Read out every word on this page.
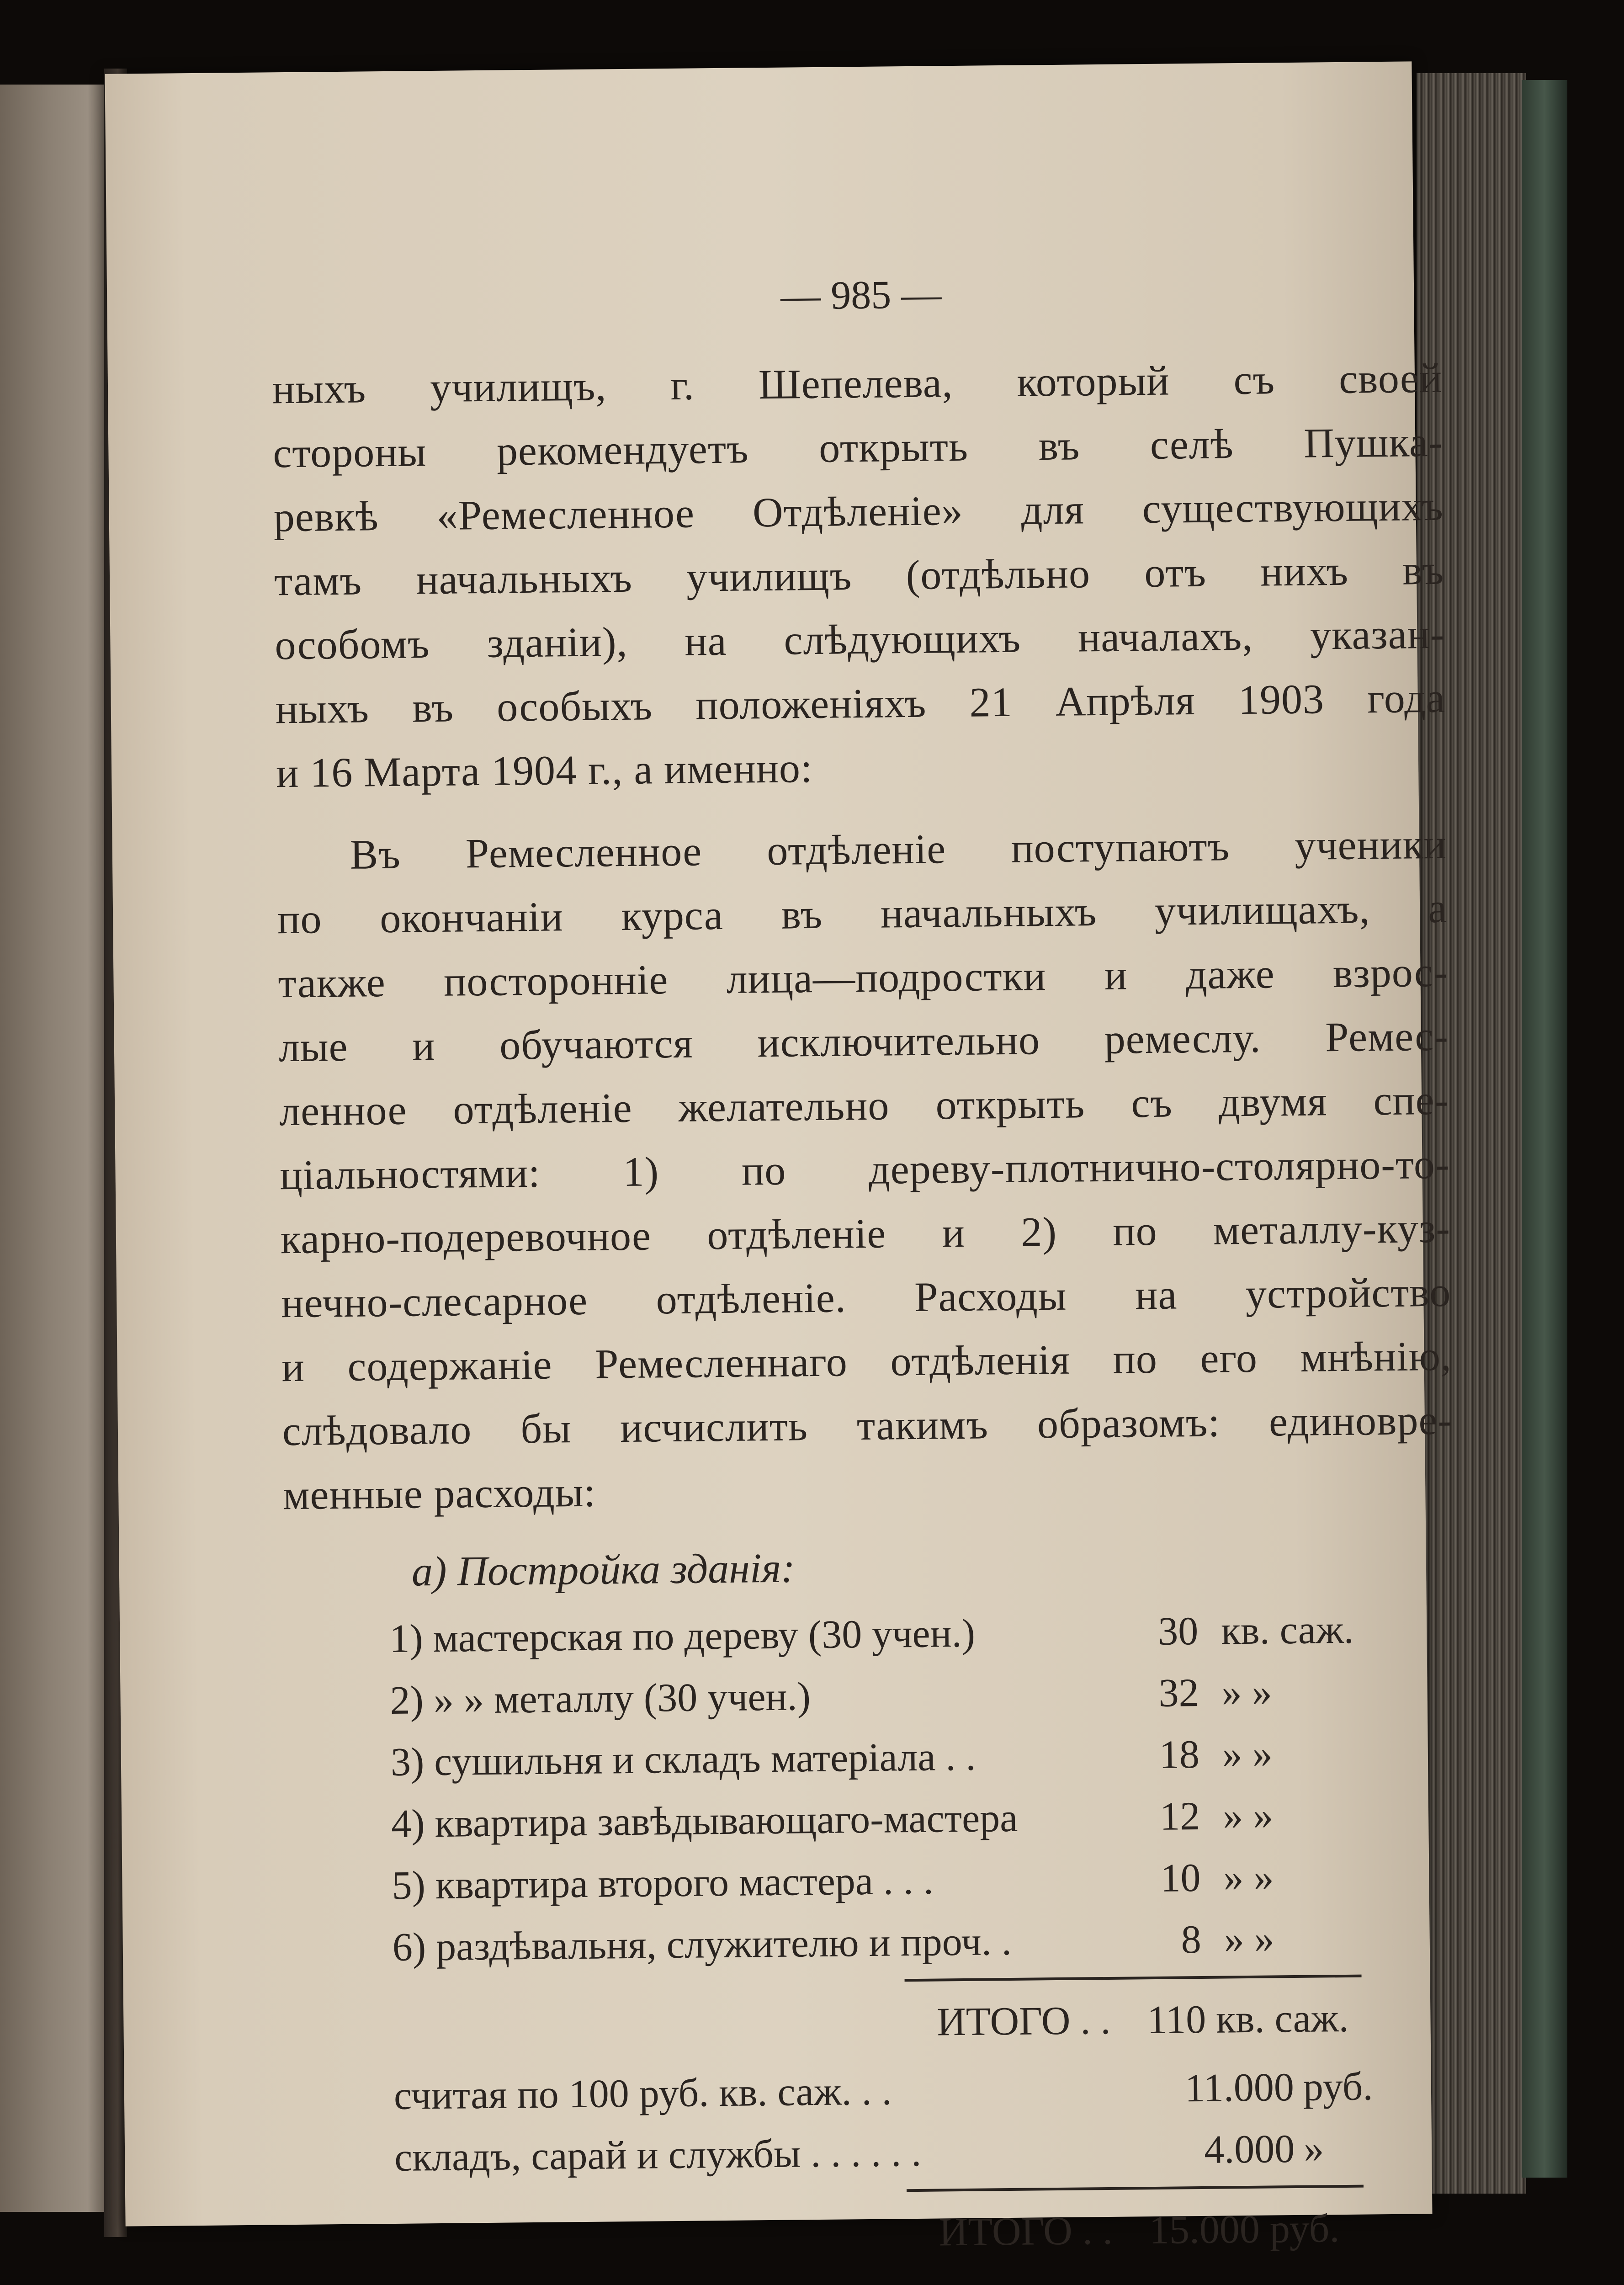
— 985 —
ныхъ училищъ, г. Шепелева, который съ своей
стороны рекомендуетъ открыть въ селѣ Пушка-
ревкѣ «Ремесленное Отдѣленіе» для существующихъ
тамъ начальныхъ училищъ (отдѣльно отъ нихъ въ
особомъ зданіи), на слѣдующихъ началахъ, указан-
ныхъ въ особыхъ положеніяхъ 21 Апрѣля 1903 года
и 16 Марта 1904 г., а именно:
Въ Ремесленное отдѣленіе поступаютъ ученики
по окончаніи курса въ начальныхъ училищахъ, а
также посторонніе лица—подростки и даже взрос-
лые и обучаются исключительно ремеслу. Ремес-
ленное отдѣленіе желательно открыть съ двумя спе-
ціальностями: 1) по дереву-плотнично-столярно-то-
карно-подеревочное отдѣленіе и 2) по металлу-куз-
нечно-слесарное отдѣленіе. Расходы на устройство
и содержаніе Ремесленнаго отдѣленія по его мнѣнію,
слѣдовало бы исчислить такимъ образомъ: единовре-
менные расходы:
а) Постройка зданія:
1) мастерская по дереву (30 учен.)	30 кв. саж.
2) » » металлу (30 учен.)	32 » »
3) сушильня и складъ матеріала . .	18 » »
4) квартира завѣдывающаго-мастера	12 » »
5) квартира второго мастера . . .	10 » »
6) раздѣвальня, служителю и проч. .	8 » »
ИТОГО . . 110 кв. саж.
считая по 100 руб. кв. саж. . .	11.000 руб.
складъ, сарай и службы . . . . . .	4.000 »
ИТОГО . . 15.000 руб.
